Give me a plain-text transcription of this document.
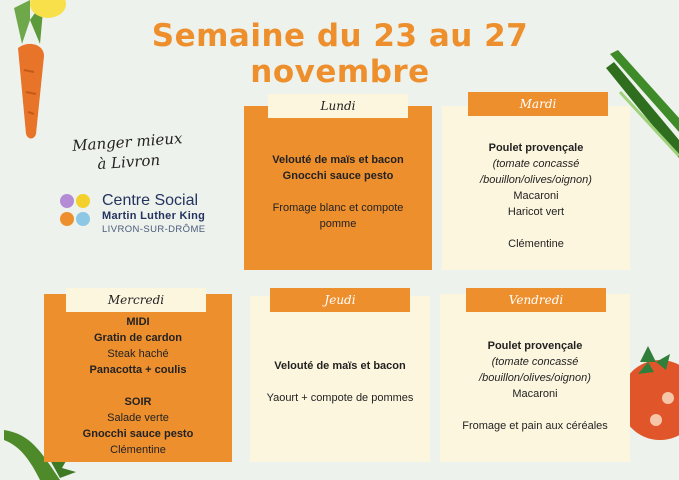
Semaine du 23 au 27 novembre
Manger mieux
à Livron
Centre Social
Martin Luther King
LIVRON-SUR-DRÔME
Velouté de maïs et bacon
Gnocchi sauce pesto
Fromage blanc et compote
pomme
Lundi
Poulet provençale
(tomate concassé
/bouillon/olives/oignon)
Macaroni
Haricot vert
Clémentine
Mardi
MIDI
Gratin de cardon
Steak haché
Panacotta + coulis
SOIR
Salade verte
Gnocchi sauce pesto
Clémentine
Mercredi
Velouté de maïs et bacon
Yaourt + compote de pommes
Jeudi
Poulet provençale
(tomate concassé
/bouillon/olives/oignon)
Macaroni
Fromage et pain aux céréales
Vendredi
